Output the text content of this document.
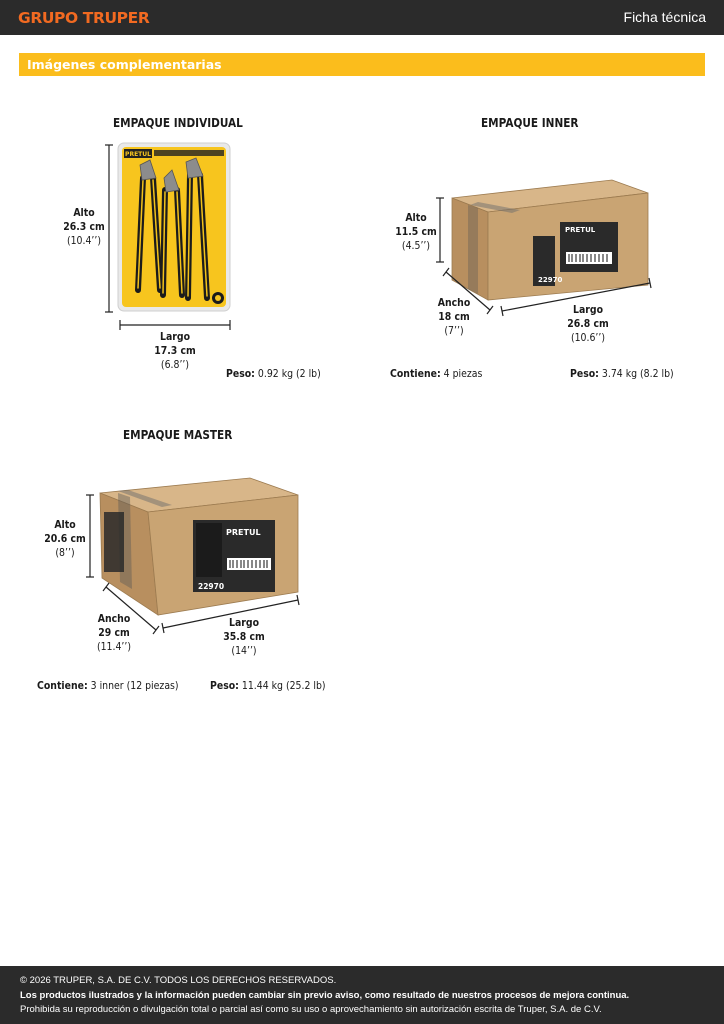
GRUPO TRUPER	Ficha técnica
Imágenes complementarias
EMPAQUE INDIVIDUAL	EMPAQUE INNER
EMPAQUE MASTER
PRETUL
PRETUL
22970
PRETUL
22970
Alto
26.3 cm
(10.4’’)
Largo
17.3 cm
(6.8’’)
Peso: 0.92 kg (2 lb)
Alto
11.5 cm
(4.5’’)
Ancho
18 cm
(7’’)
Largo
26.8 cm
(10.6’’)
Contiene: 4 piezas	Peso: 3.74 kg (8.2 lb)
Alto
20.6 cm
(8’’)
Ancho
29 cm
(11.4’’)
Largo
35.8 cm
(14’’)
Contiene: 3 inner (12 piezas)	Peso: 11.44 kg (25.2 lb)
© 2026 TRUPER, S.A. DE C.V. TODOS LOS DERECHOS RESERVADOS.
Los productos ilustrados y la información pueden cambiar sin previo aviso, como resultado de nuestros procesos de mejora continua.
Prohibida su reproducción o divulgación total o parcial así como su uso o aprovechamiento sin autorización escrita de Truper, S.A. de C.V.
